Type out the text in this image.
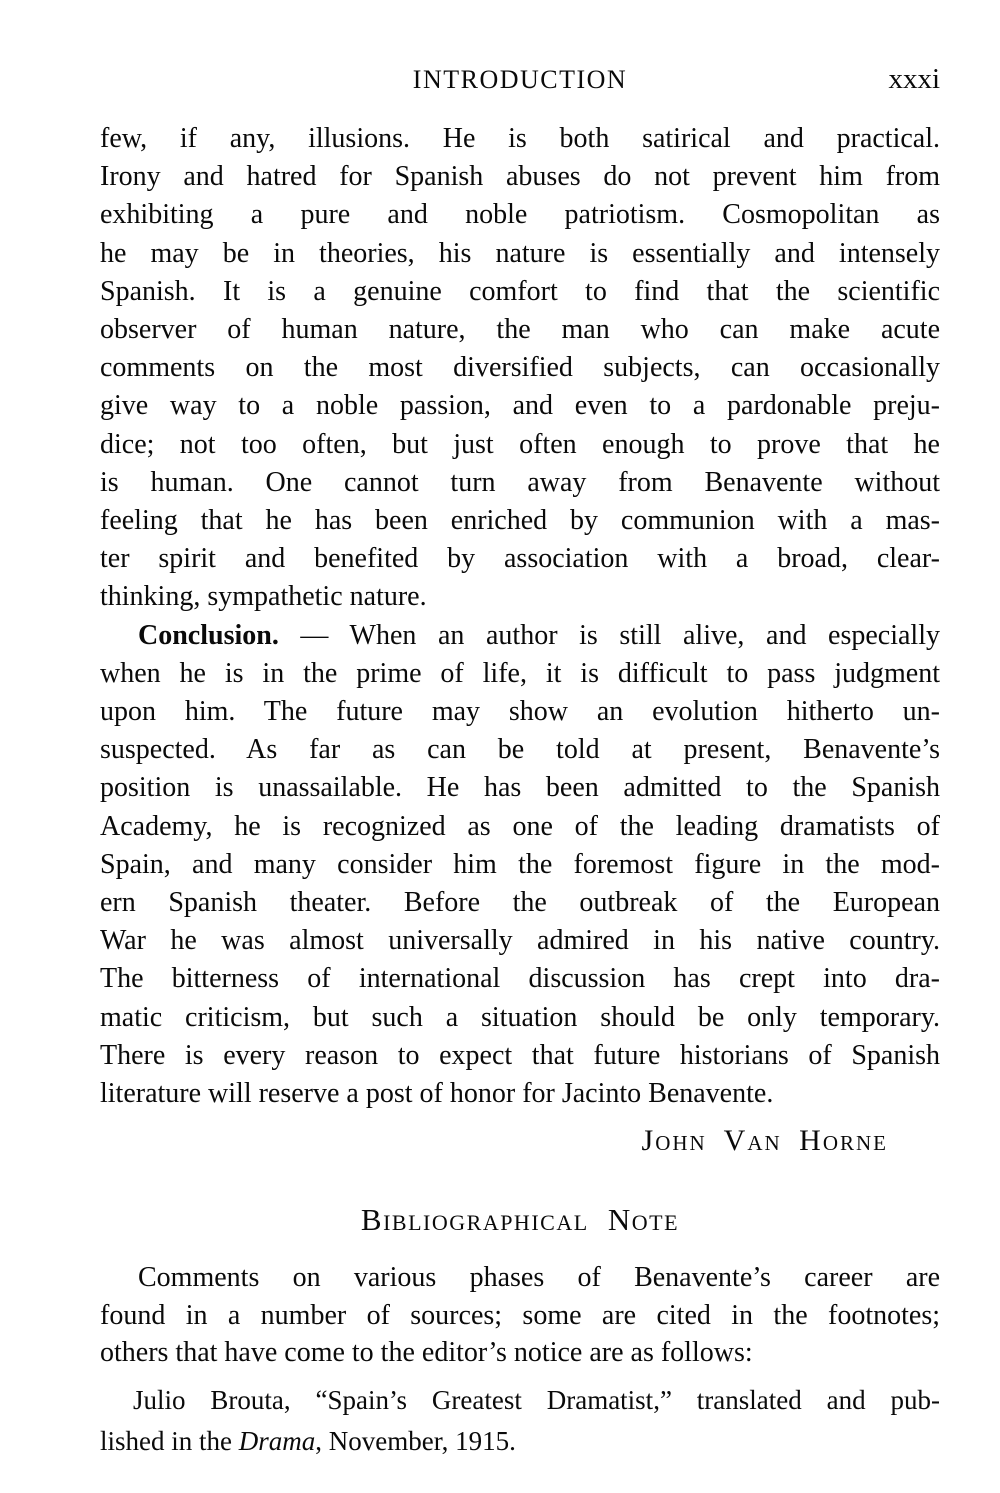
INTRODUCTION	xxxi
few, if any, illusions. He is both satirical and practical.
Irony and hatred for Spanish abuses do not prevent him from
exhibiting a pure and noble patriotism. Cosmopolitan as
he may be in theories, his nature is essentially and intensely
Spanish. It is a genuine comfort to find that the scientific
observer of human nature, the man who can make acute
comments on the most diversified subjects, can occasionally
give way to a noble passion, and even to a pardonable preju-
dice; not too often, but just often enough to prove that he
is human. One cannot turn away from Benavente without
feeling that he has been enriched by communion with a mas-
ter spirit and benefited by association with a broad, clear-
thinking, sympathetic nature.
Conclusion. — When an author is still alive, and especially
when he is in the prime of life, it is difficult to pass judgment
upon him. The future may show an evolution hitherto un-
suspected. As far as can be told at present, Benavente’s
position is unassailable. He has been admitted to the Spanish
Academy, he is recognized as one of the leading dramatists of
Spain, and many consider him the foremost figure in the mod-
ern Spanish theater. Before the outbreak of the European
War he was almost universally admired in his native country.
The bitterness of international discussion has crept into dra-
matic criticism, but such a situation should be only temporary.
There is every reason to expect that future historians of Spanish
literature will reserve a post of honor for Jacinto Benavente.
John Van Horne
Bibliographical Note
Comments on various phases of Benavente’s career are
found in a number of sources; some are cited in the footnotes;
others that have come to the editor’s notice are as follows:
Julio Brouta, “Spain’s Greatest Dramatist,” translated and pub-
lished in the Drama, November, 1915.
